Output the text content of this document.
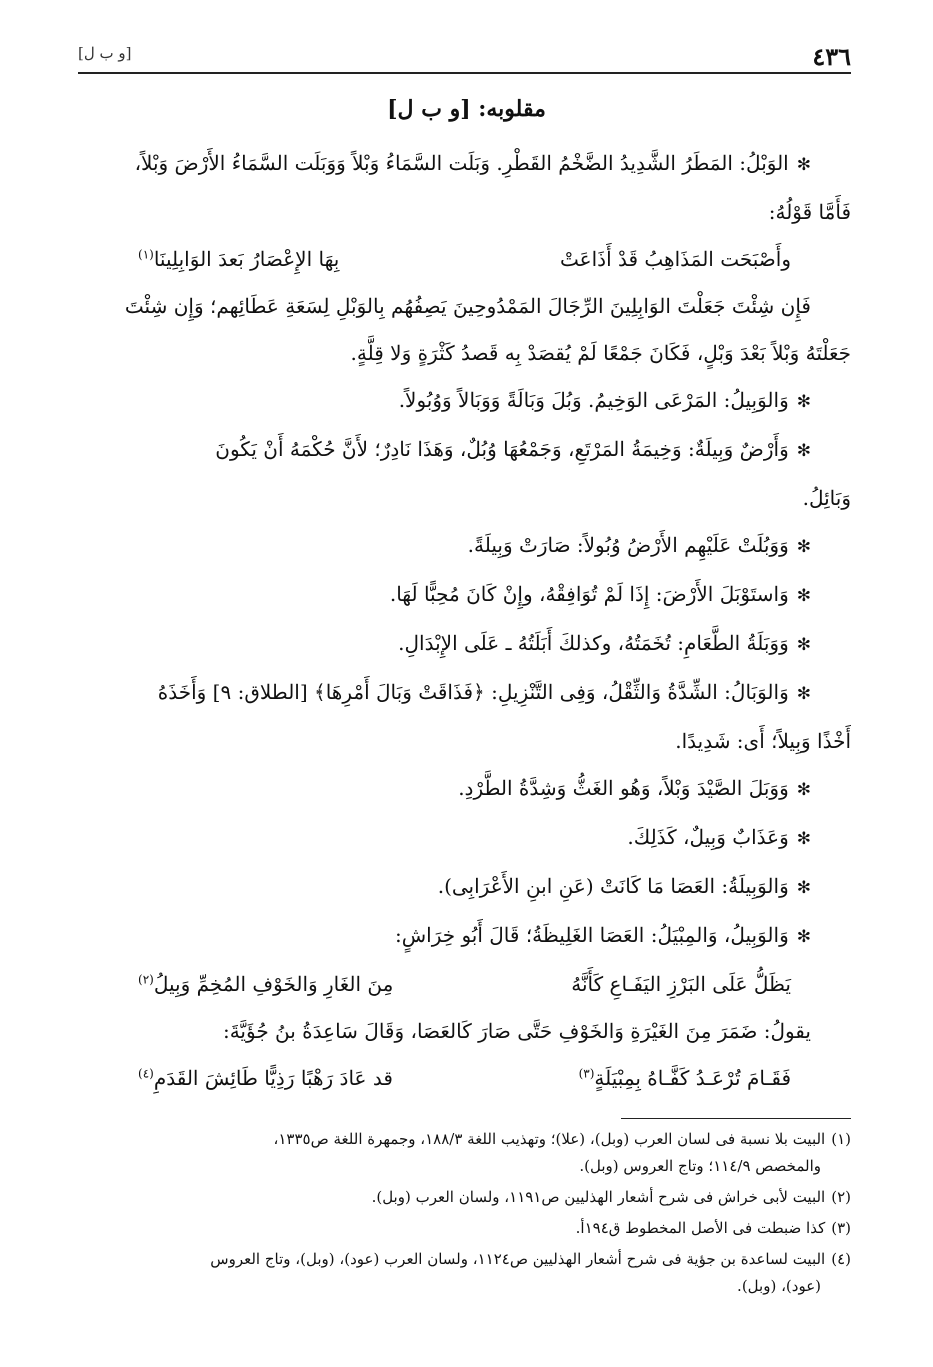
٤٣٦
[و ب ل]
مقلوبه: [و ب ل]
✻الوَبْلُ: المَطَرُ الشَّدِيدُ الضَّخْمُ القَطْرِ. وَبَلَت السَّمَاءُ وَبْلاً وَوَبَلَت السَّمَاءُ الأَرْضَ وَبْلاً،
فَأَمَّا قَوْلُهُ:
وأَصْبَحَت المَذَاهِبُ قَدْ أَذَاعَتْ
بِهَا الإِعْصَارُ بَعدَ الوَابِلِينَا$^{(١)}$
فَإِن شِئْتَ جَعَلْتَ الوَابِلِينَ الرِّجَالَ المَمْدُوحِينَ يَصِفُهُم بِالوَبْلِ لِسَعَةِ عَطَائِهم؛ وَإِن شِئْتَ
جَعَلْتَهُ وَبْلاً بَعْدَ وَبْلٍ، فَكَانَ جَمْعًا لَمْ يُقصَدْ بِه قَصدُ كَثْرَةٍ وَلا قِلَّةٍ.
✻وَالوَبِيلُ: المَرْعَى الوَخِيمُ. وَبُلَ وَبَالَةً وَوَبَالاً وَوُبُولاً.
✻وَأَرْضٌ وَبِيلَةٌ: وَخِيمَةُ المَرْتَعِ، وَجَمْعُهَا وُبُلٌ، وَهَذَا نَادِرٌ؛ لأَنَّ حُكْمَهُ أَنْ يَكُونَ
وَبَائِلُ.
✻وَوَبُلَتْ عَلَيْهِم الأَرْضُ وُبُولاً: صَارَتْ وَبِيلَةً.
✻وَاستَوْبَلَ الأَرْضَ: إِذَا لَمْ تُوَافِقْهُ، وإِنْ كَانَ مُحِبًّا لَهَا.
✻وَوَبَلَةُ الطَّعَامِ: تُخَمَتُهُ، وكذلكَ أَبَلَتُهُ ـ عَلَى الإِبْدَالِ.
✻وَالوَبَالُ: الشِّدَّةُ وَالثِّقْلُ، وَفِى التَّنْزِيلِ: ﴿فَذَاقَتْ وَبَالَ أَمْرِهَا﴾ [الطلاق: ٩] وَأَخَذَهُ
أَخْذًا وَبِيلاً؛ أَى: شَدِيدًا.
✻وَوَبَلَ الصَّيْدَ وَبْلاً، وَهُو الغَثُّ وَشِدَّةُ الطَّرْدِ.
✻وَعَذَابٌ وَبِيلٌ، كَذَلِكَ.
✻وَالوَبِيلَةُ: العَصَا مَا كَانَتْ (عَنِ ابنِ الأَعْرَابِى).
✻وَالوَبِيلُ، وَالمِبْيَلُ: العَصَا الغَلِيظَةُ؛ قَالَ أَبُو خِرَاشٍ:
يَظَلُّ عَلَى البَرْزِ اليَفَـاعِ كَأَنَّهُ
مِنَ الغَارِ وَالخَوْفِ المُخِمِّ وَبِيلُ$^{(٢)}$
يقولُ: ضَمَرَ مِنَ الغَيْرَةِ وَالخَوْفِ حَتَّى صَارَ كَالعَصَا، وَقَالَ سَاعِدَةُ بنُ جُؤَيَّةَ:
فَقَـامَ تُرْعَـدُ كَفَّـاهُ بِمِبْيَلَةٍ$^{(٣)}$
قد عَادَ رَهْبًا رَذِيًّا طَائِشَ القَدَمِ$^{(٤)}$
(١)البيت بلا نسبة فى لسان العرب (وبل)، (علا)؛ وتهذيب اللغة ١٨٨/٣، وجمهرة اللغة ص١٣٣٥،
والمخصص ١١٤/٩؛ وتاج العروس (وبل).
(٢)البيت لأبى خراش فى شرح أشعار الهذليين ص١١٩١، ولسان العرب (وبل).
(٣)كذا ضبطت فى الأصل المخطوط ق١٩٤أ.
(٤)البيت لساعدة بن جؤية فى شرح أشعار الهذليين ص١١٢٤، ولسان العرب (عود)، (وبل)، وتاج العروس
(عود)، (وبل).
